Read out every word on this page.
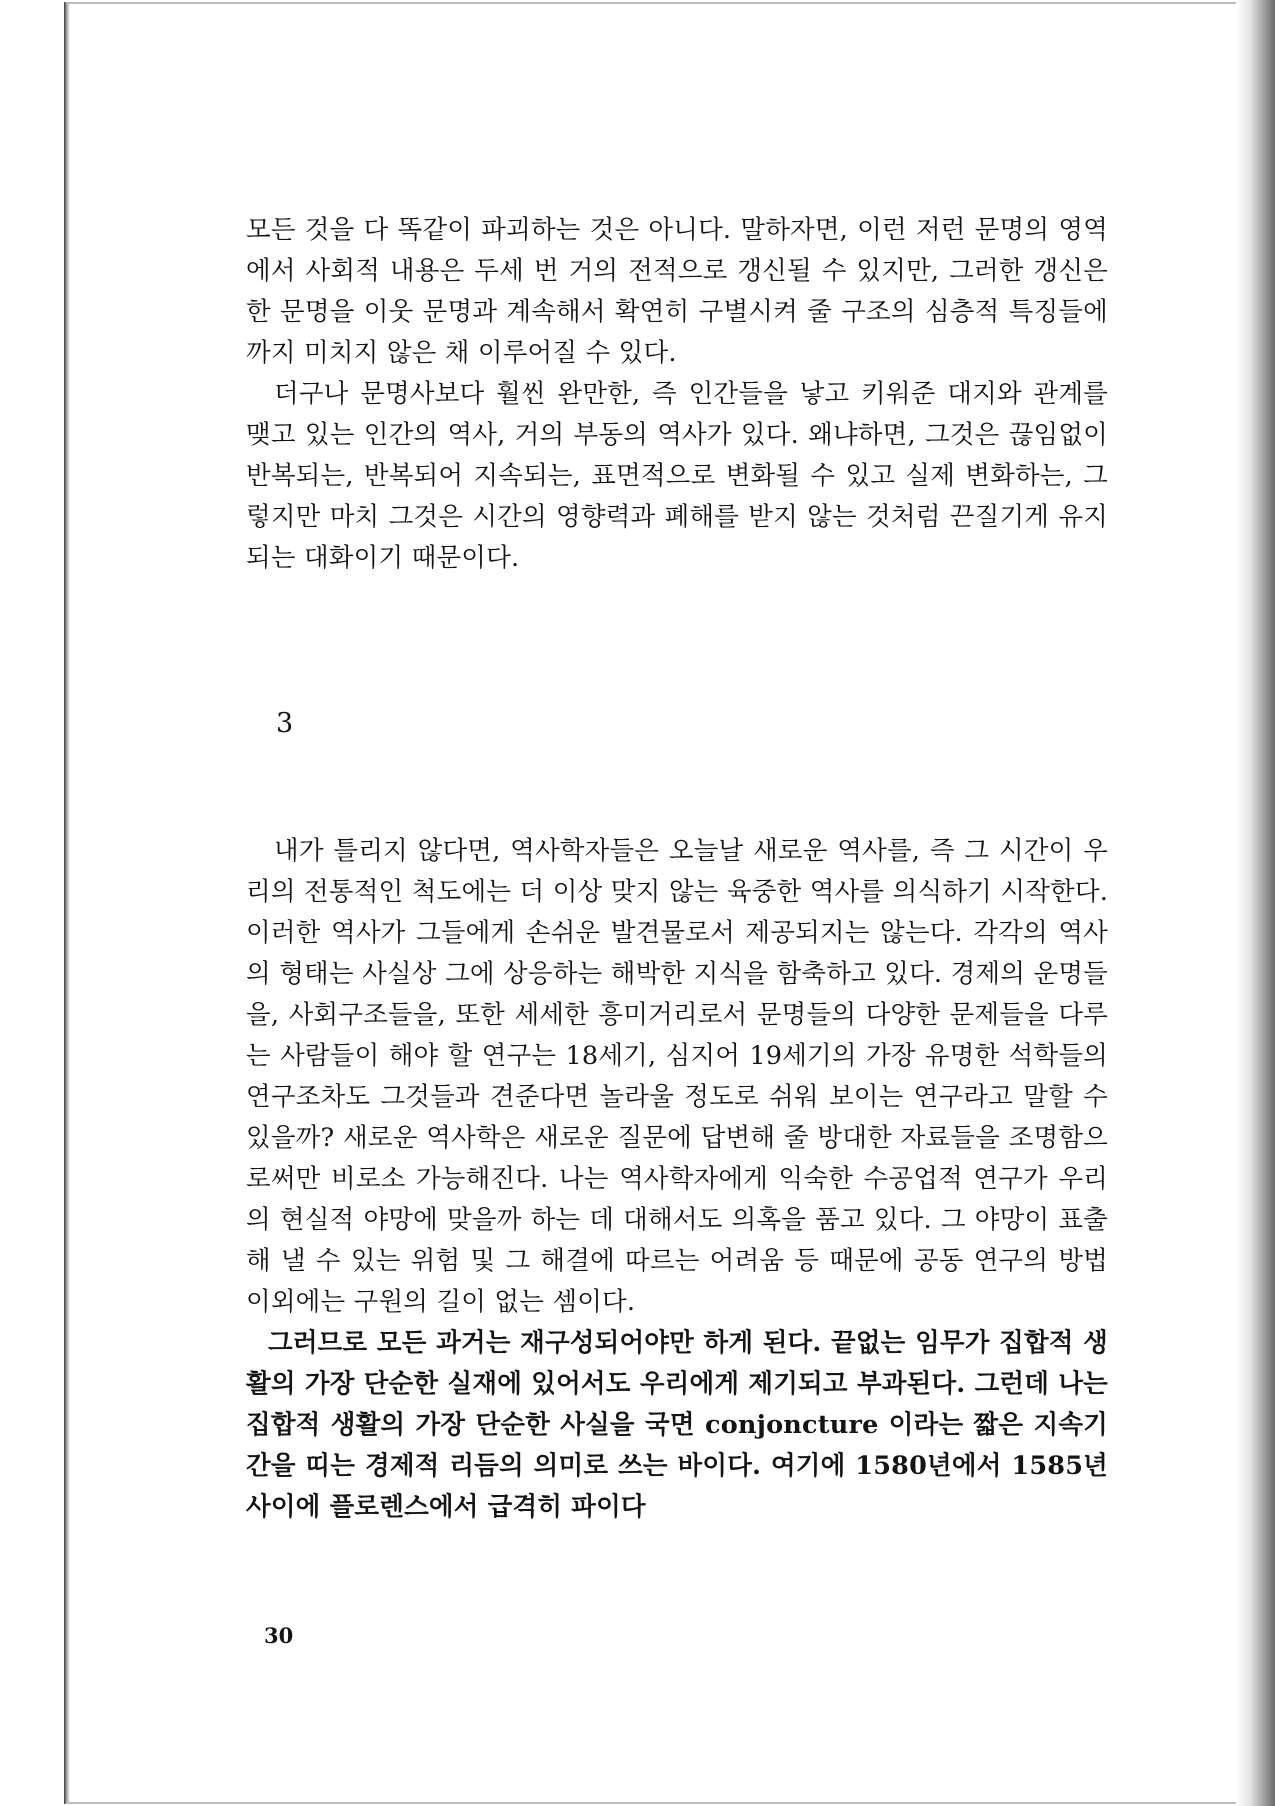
모든 것을 다 똑같이 파괴하는 것은 아니다. 말하자면, 이런 저런 문명의 영역에서 사회적 내용은 두세 번 거의 전적으로 갱신될 수 있지만, 그러한 갱신은 한 문명을 이웃 문명과 계속해서 확연히 구별시켜 줄 구조의 심층적 특징들에까지 미치지 않은 채 이루어질 수 있다.

더구나 문명사보다 훨씬 완만한, 즉 인간들을 낳고 키워준 대지와 관계를 맺고 있는 인간의 역사, 거의 부동의 역사가 있다. 왜냐하면, 그것은 끊임없이 반복되는, 반복되어 지속되는, 표면적으로 변화될 수 있고 실제 변화하는, 그렇지만 마치 그것은 시간의 영향력과 폐해를 받지 않는 것처럼 끈질기게 유지되는 대화이기 때문이다.

3

내가 틀리지 않다면, 역사학자들은 오늘날 새로운 역사를, 즉 그 시간이 우리의 전통적인 척도에는 더 이상 맞지 않는 육중한 역사를 의식하기 시작한다. 이러한 역사가 그들에게 손쉬운 발견물로서 제공되지는 않는다. 각각의 역사의 형태는 사실상 그에 상응하는 해박한 지식을 함축하고 있다. 경제의 운명들을, 사회구조들을, 또한 세세한 흥미거리로서 문명들의 다양한 문제들을 다루는 사람들이 해야 할 연구는 18세기, 심지어 19세기의 가장 유명한 석학들의 연구조차도 그것들과 견준다면 놀라울 정도로 쉬워 보이는 연구라고 말할 수 있을까? 새로운 역사학은 새로운 질문에 답변해 줄 방대한 자료들을 조명함으로써만 비로소 가능해진다. 나는 역사학자에게 익숙한 수공업적 연구가 우리의 현실적 야망에 맞을까 하는 데 대해서도 의혹을 품고 있다. 그 야망이 표출해 낼 수 있는 위험 및 그 해결에 따르는 어려움 등 때문에 공동 연구의 방법 이외에는 구원의 길이 없는 셈이다.

그러므로 모든 과거는 재구성되어야만 하게 된다. 끝없는 임무가 집합적 생활의 가장 단순한 실재에 있어서도 우리에게 제기되고 부과된다. 그런데 나는 집합적 생활의 가장 단순한 사실을 국면 conjoncture 이라는 짧은 지속기간을 띠는 경제적 리듬의 의미로 쓰는 바이다. 여기에 1580년에서 1585년 사이에 플로렌스에서 급격히 파이다

30
